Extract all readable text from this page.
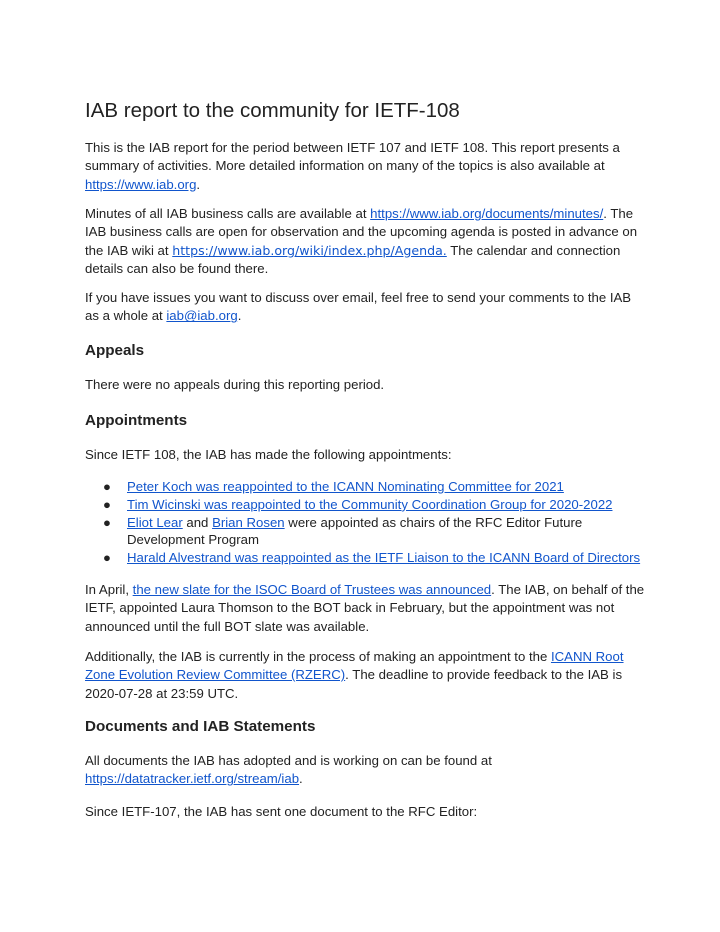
IAB report to the community for IETF-108

This is the IAB report for the period between IETF 107 and IETF 108. This report presents a
summary of activities. More detailed information on many of the topics is also available at
https://www.iab.org.

Minutes of all IAB business calls are available at https://www.iab.org/documents/minutes/. The
IAB business calls are open for observation and the upcoming agenda is posted in advance on
the IAB wiki at https://www.iab.org/wiki/index.php/Agenda. The calendar and connection
details can also be found there.

If you have issues you want to discuss over email, feel free to send your comments to the IAB
as a whole at iab@iab.org.

Appeals

There were no appeals during this reporting period.

Appointments

Since IETF 108, the IAB has made the following appointments:

● Peter Koch was reappointed to the ICANN Nominating Committee for 2021
● Tim Wicinski was reappointed to the Community Coordination Group for 2020-2022
● Eliot Lear and Brian Rosen were appointed as chairs of the RFC Editor Future
Development Program
● Harald Alvestrand was reappointed as the IETF Liaison to the ICANN Board of Directors

In April, the new slate for the ISOC Board of Trustees was announced. The IAB, on behalf of the
IETF, appointed Laura Thomson to the BOT back in February, but the appointment was not
announced until the full BOT slate was available.

Additionally, the IAB is currently in the process of making an appointment to the ICANN Root
Zone Evolution Review Committee (RZERC). The deadline to provide feedback to the IAB is
2020-07-28 at 23:59 UTC.

Documents and IAB Statements

All documents the IAB has adopted and is working on can be found at
https://datatracker.ietf.org/stream/iab.

Since IETF-107, the IAB has sent one document to the RFC Editor:
